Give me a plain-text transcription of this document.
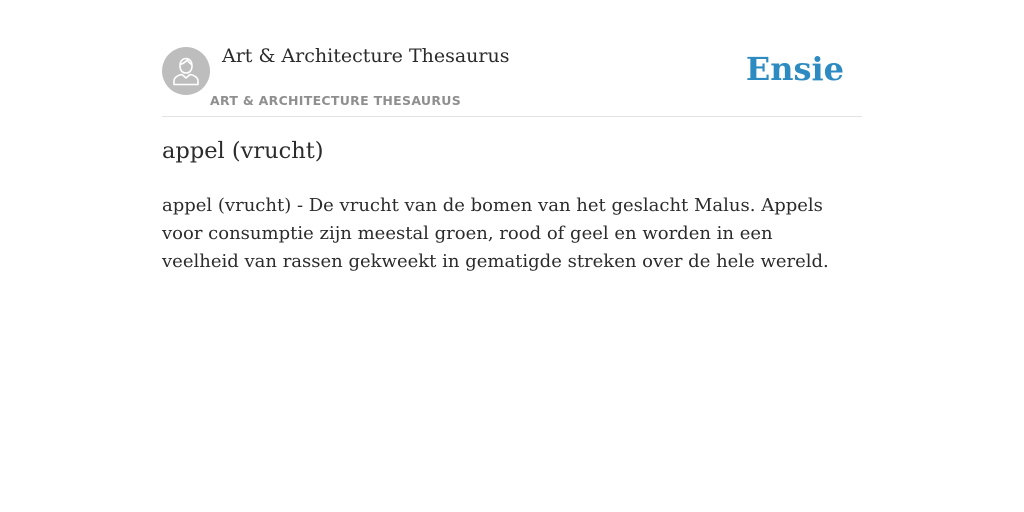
Art & Architecture Thesaurus
ART & ARCHITECTURE THESAURUS
Ensie
appel (vrucht)

appel (vrucht) - De vrucht van de bomen van het geslacht Malus. Appels voor consumptie zijn meestal groen, rood of geel en worden in een veelheid van rassen gekweekt in gematigde streken over de hele wereld.
